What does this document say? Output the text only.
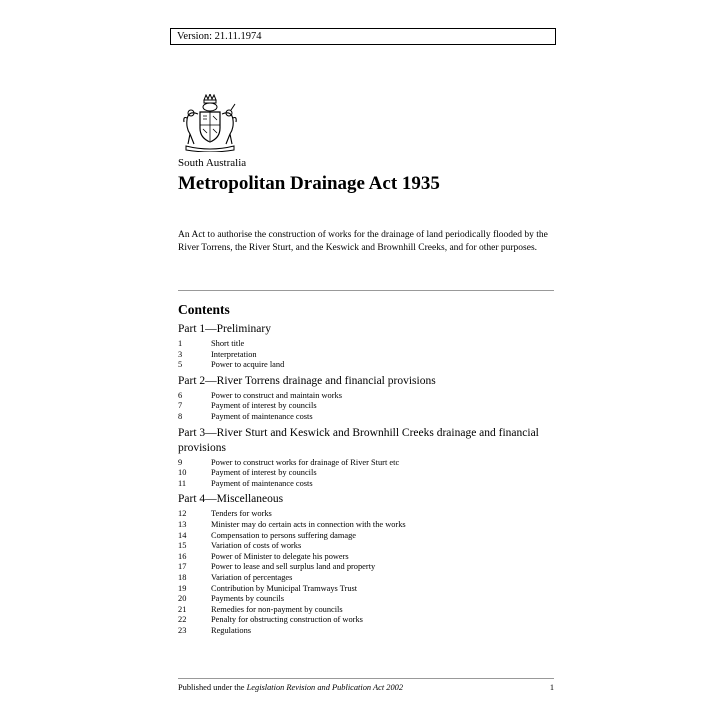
Version: 21.11.1974
South Australia
Metropolitan Drainage Act 1935
An Act to authorise the construction of works for the drainage of land periodically flooded by the River Torrens, the River Sturt, and the Keswick and Brownhill Creeks, and for other purposes.
Contents
Part 1—Preliminary
1	Short title
3	Interpretation
5	Power to acquire land
Part 2—River Torrens drainage and financial provisions
6	Power to construct and maintain works
7	Payment of interest by councils
8	Payment of maintenance costs
Part 3—River Sturt and Keswick and Brownhill Creeks drainage and financial provisions
9	Power to construct works for drainage of River Sturt etc
10	Payment of interest by councils
11	Payment of maintenance costs
Part 4—Miscellaneous
12	Tenders for works
13	Minister may do certain acts in connection with the works
14	Compensation to persons suffering damage
15	Variation of costs of works
16	Power of Minister to delegate his powers
17	Power to lease and sell surplus land and property
18	Variation of percentages
19	Contribution by Municipal Tramways Trust
20	Payments by councils
21	Remedies for non-payment by councils
22	Penalty for obstructing construction of works
23	Regulations
Published under the Legislation Revision and Publication Act 2002	1
